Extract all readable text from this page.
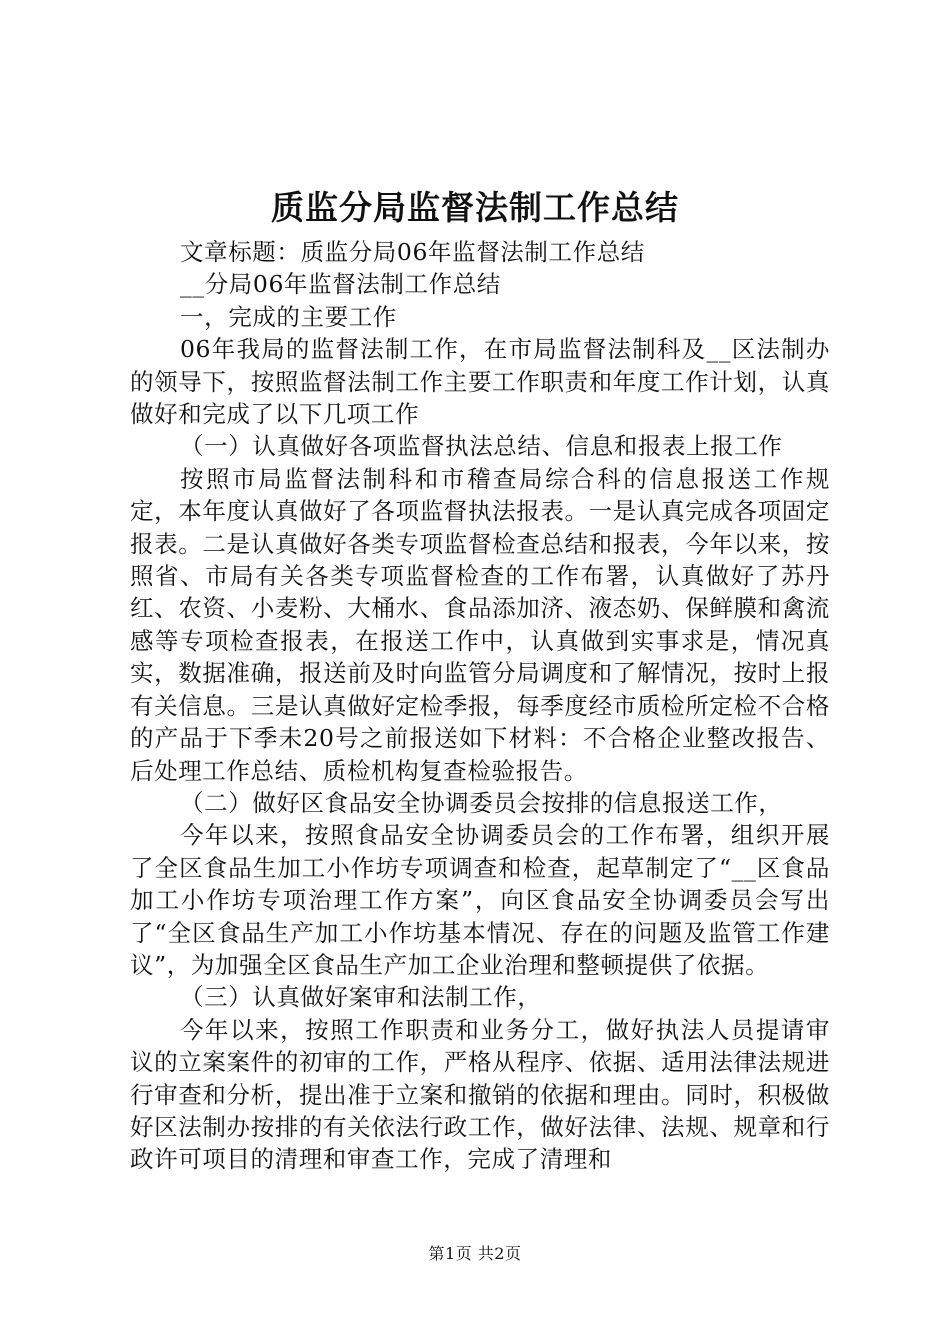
质监分局监督法制工作总结

文章标题：质监分局06年监督法制工作总结

__分局06年监督法制工作总结

一，完成的主要工作

06年我局的监督法制工作，在市局监督法制科及__区法制办的领导下，按照监督法制工作主要工作职责和年度工作计划，认真做好和完成了以下几项工作

（一）认真做好各项监督执法总结、信息和报表上报工作

按照市局监督法制科和市稽查局综合科的信息报送工作规定，本年度认真做好了各项监督执法报表。一是认真完成各项固定报表。二是认真做好各类专项监督检查总结和报表，今年以来，按照省、市局有关各类专项监督检查的工作布署，认真做好了苏丹红、农资、小麦粉、大桶水、食品添加济、液态奶、保鲜膜和禽流感等专项检查报表，在报送工作中，认真做到实事求是，情况真实，数据准确，报送前及时向监管分局调度和了解情况，按时上报有关信息。三是认真做好定检季报，每季度经市质检所定检不合格的产品于下季未20号之前报送如下材料：不合格企业整改报告、后处理工作总结、质检机构复查检验报告。

（二）做好区食品安全协调委员会按排的信息报送工作，

今年以来，按照食品安全协调委员会的工作布署，组织开展了全区食品生加工小作坊专项调查和检查，起草制定了“__区食品加工小作坊专项治理工作方案”，向区食品安全协调委员会写出了“全区食品生产加工小作坊基本情况、存在的问题及监管工作建议”，为加强全区食品生产加工企业治理和整顿提供了依据。

（三）认真做好案审和法制工作，

今年以来，按照工作职责和业务分工，做好执法人员提请审议的立案案件的初审的工作，严格从程序、依据、适用法律法规进行审查和分析，提出准于立案和撤销的依据和理由。同时，积极做好区法制办按排的有关依法行政工作，做好法律、法规、规章和行政许可项目的清理和审查工作，完成了清理和

第1页 共2页
